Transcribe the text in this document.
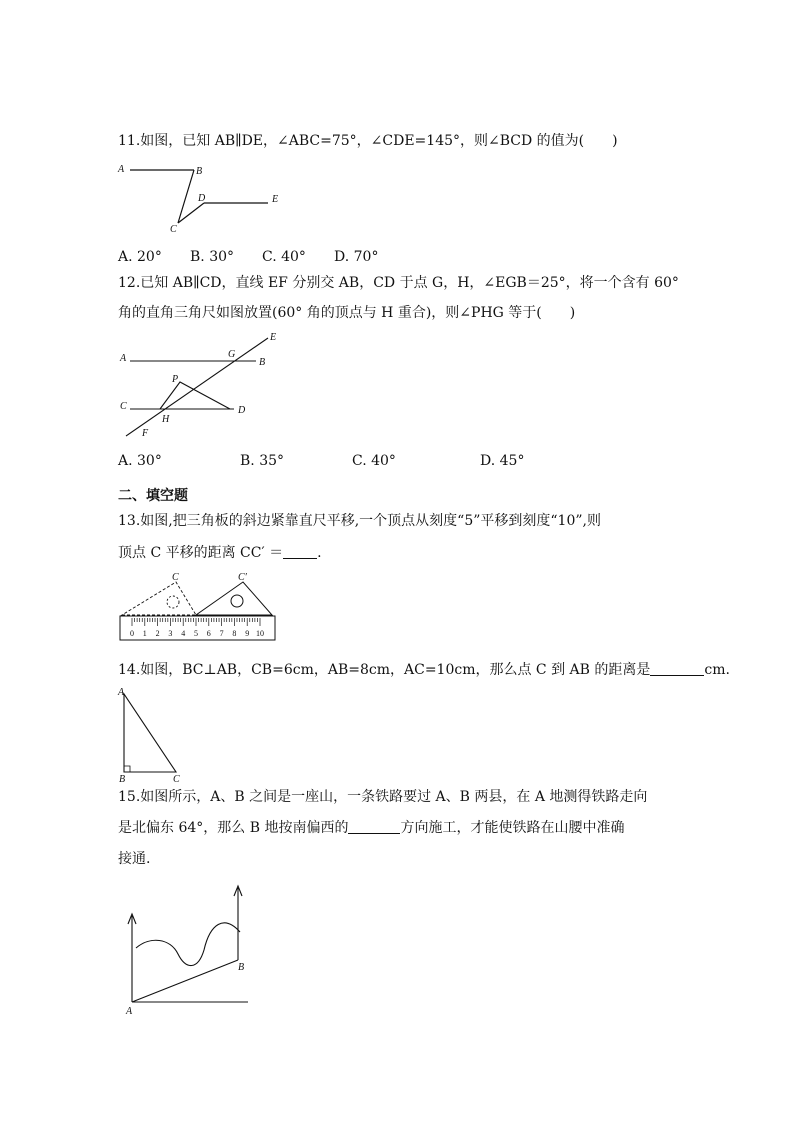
11.如图，已知 AB∥DE，∠ABC=75°，∠CDE=145°，则∠BCD 的值为(　　)
A	B
C
D	E
A. 20° B. 30° C. 40° D. 70°
12.已知 AB∥CD，直线 EF 分别交 AB，CD 于点 G，H，∠EGB＝25°，将一个含有 60°
角的直角三角尺如图放置(60° 角的顶点与 H 重合)，则∠PHG 等于(　　)
A	B
C	D
E
F
G
H
P
A. 30°	B. 35°	C. 40°	D. 45°
二、填空题
13.如图,把三角板的斜边紧靠直尺平移,一个顶点从刻度“5”平移到刻度“10”,则
顶点 C 平移的距离 CC′ ＝ .
0 1 2 3 4 5 6 7 8 9 10
C	C′
14.如图，BC⊥AB，CB=6cm，AB=8cm，AC=10cm，那么点 C 到 AB 的距离是	cm.
A
B	C
15.如图所示，A、B 之间是一座山，一条铁路要过 A、B 两县，在 A 地测得铁路走向
是北偏东 64°，那么 B 地按南偏西的	方向施工，才能使铁路在山腰中准确
接通.
A
B
